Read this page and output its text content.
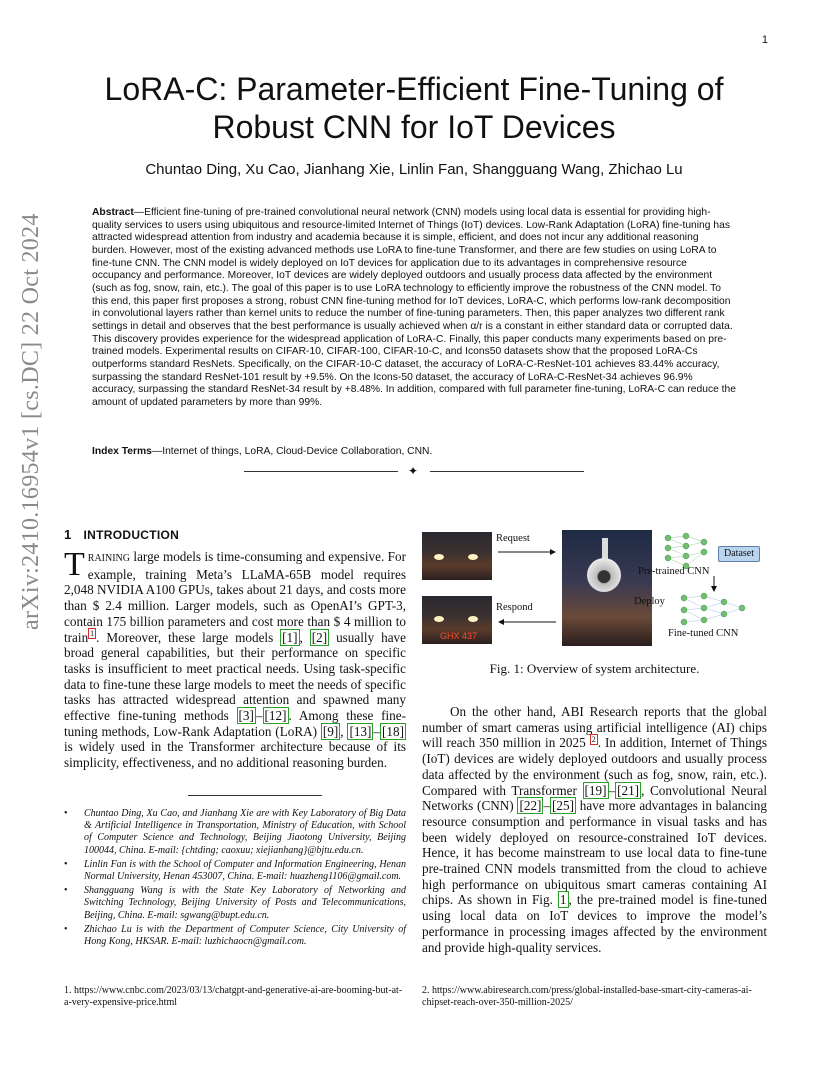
1
arXiv:2410.16954v1 [cs.DC] 22 Oct 2024
LoRA-C: Parameter-Efficient Fine-Tuning of Robust CNN for IoT Devices
Chuntao Ding, Xu Cao, Jianhang Xie, Linlin Fan, Shangguang Wang, Zhichao Lu

Abstract—Efficient fine-tuning of pre-trained convolutional neural network (CNN) models using local data is essential for providing high-quality services to users using ubiquitous and resource-limited Internet of Things (IoT) devices. Low-Rank Adaptation (LoRA) fine-tuning has attracted widespread attention from industry and academia because it is simple, efficient, and does not incur any additional reasoning burden. However, most of the existing advanced methods use LoRA to fine-tune Transformer, and there are few studies on using LoRA to fine-tune CNN. The CNN model is widely deployed on IoT devices for application due to its advantages in comprehensive resource occupancy and performance. Moreover, IoT devices are widely deployed outdoors and usually process data affected by the environment (such as fog, snow, rain, etc.). The goal of this paper is to use LoRA technology to efficiently improve the robustness of the CNN model. To this end, this paper first proposes a strong, robust CNN fine-tuning method for IoT devices, LoRA-C, which performs low-rank decomposition in convolutional layers rather than kernel units to reduce the number of fine-tuning parameters. Then, this paper analyzes two different rank settings in detail and observes that the best performance is usually achieved when α/r is a constant in either standard data or corrupted data. This discovery provides experience for the widespread application of LoRA-C. Finally, this paper conducts many experiments based on pre-trained models. Experimental results on CIFAR-10, CIFAR-100, CIFAR-10-C, and Icons50 datasets show that the proposed LoRA-Cs outperforms standard ResNets. Specifically, on the CIFAR-10-C dataset, the accuracy of LoRA-C-ResNet-101 achieves 83.44% accuracy, surpassing the standard ResNet-101 result by +9.5%. On the Icons-50 dataset, the accuracy of LoRA-C-ResNet-34 achieves 96.9% accuracy, surpassing the standard ResNet-34 result by +8.48%. In addition, compared with full parameter fine-tuning, LoRA-C can reduce the amount of updated parameters by more than 99%.

Index Terms—Internet of things, LoRA, Cloud-Device Collaboration, CNN.
✦
1 INTRODUCTION

TRAINING large models is time-consuming and expensive. For example, training Meta’s LLaMA-65B model requires 2,048 NVIDIA A100 GPUs, takes about 21 days, and costs more than $ 2.4 million. Larger models, such as OpenAI’s GPT-3, contain 175 billion parameters and cost more than $ 4 million to train $^1$ . Moreover, these large models [1] , [2] usually have broad general capabilities, but their performance on specific tasks is insufficient to meet practical needs. Using task-specific data to fine-tune these large models to meet the needs of specific tasks has attracted widespread attention and spawned many effective fine-tuning methods [3] – [12] . Among these fine-tuning methods, Low-Rank Adaptation (LoRA) [9] , [13] – [18] is widely used in the Transformer architecture because of its simplicity, effectiveness, and no additional reasoning burden.

• Chuntao Ding, Xu Cao, and Jianhang Xie are with Key Laboratory of Big Data & Artificial Intelligence in Transportation, Ministry of Education, with School of Computer Science and Technology, Beijing Jiaotong University, Beijing 100044, China. E-mail: {chtding; caoxuu; xiejianhang}@bjtu.edu.cn.
• Linlin Fan is with the School of Computer and Information Engineering, Henan Normal University, Henan 453007, China. E-mail: huazheng1106@gmail.com.
• Shangguang Wang is with the State Key Laboratory of Networking and Switching Technology, Beijing University of Posts and Telecommunications, Beijing, China. E-mail: sgwang@bupt.edu.cn.
• Zhichao Lu is with the Department of Computer Science, City University of Hong Kong, HKSAR. E-mail: luzhichaocn@gmail.com.

1. https://www.cnbc.com/2023/03/13/chatgpt-and-generative-ai-are-booming-but-at-a-very-expensive-price.html

2. https://www.abiresearch.com/press/global-installed-base-smart-city-cameras-ai-chipset-reach-over-350-million-2025/

GHX 437
Request
Respond
Dataset
Pre-trained CNN
Deploy
Fine-tuned CNN
Fig. 1: Overview of system architecture.

On the other hand, ABI Research reports that the global number of smart cameras using artificial intelligence (AI) chips will reach 350 million in 2025 $^2$ . In addition, Internet of Things (IoT) devices are widely deployed outdoors and usually process data affected by the environment (such as fog, snow, rain, etc.). Compared with Transformer [19] – [21] , Convolutional Neural Networks (CNN) [22] – [25] have more advantages in balancing resource consumption and performance in visual tasks and has been widely deployed on resource-constrained IoT devices. Hence, it has become mainstream to use local data to fine-tune pre-trained CNN models transmitted from the cloud to achieve high performance on ubiquitous smart cameras containing AI chips. As shown in Fig. 1 , the pre-trained model is fine-tuned using local data on IoT devices to improve the model’s performance in processing images affected by the environment and provide high-quality services.
